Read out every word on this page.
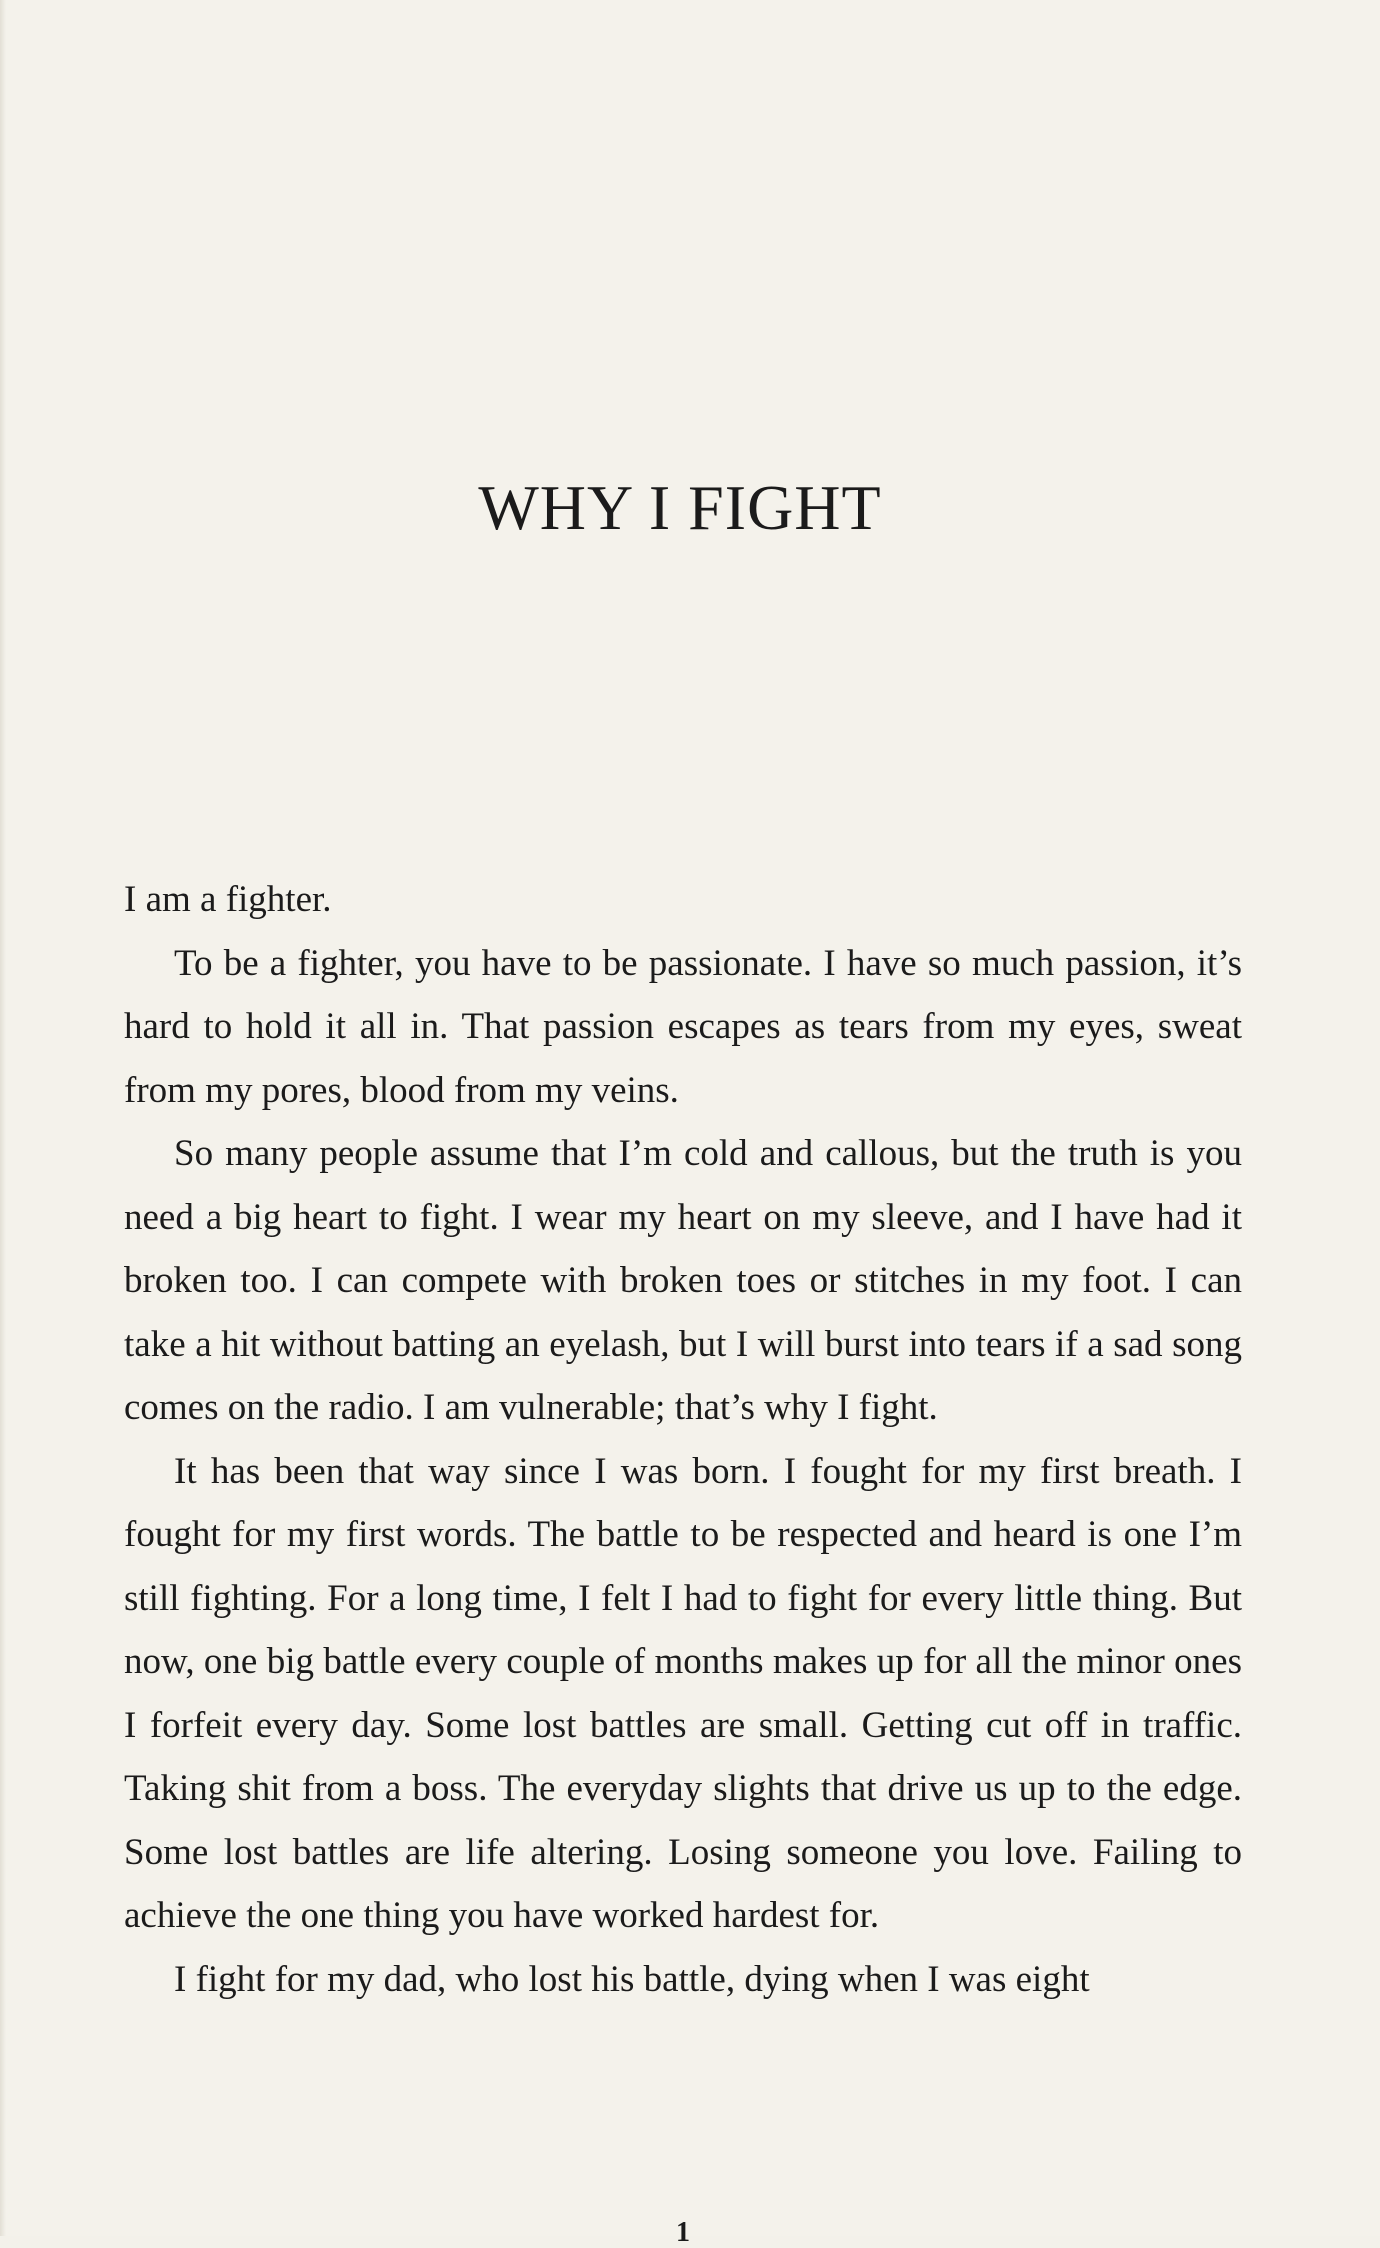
WHY I FIGHT

I am a fighter.

To be a fighter, you have to be passionate. I have so much passion, it’s hard to hold it all in. That passion escapes as tears from my eyes, sweat from my pores, blood from my veins.

So many people assume that I’m cold and callous, but the truth is you need a big heart to fight. I wear my heart on my sleeve, and I have had it broken too. I can compete with broken toes or stitches in my foot. I can take a hit without batting an eyelash, but I will burst into tears if a sad song comes on the radio. I am vulnerable; that’s why I fight.

It has been that way since I was born. I fought for my first breath. I fought for my first words. The battle to be respected and heard is one I’m still fighting. For a long time, I felt I had to fight for every little thing. But now, one big battle every couple of months makes up for all the minor ones I forfeit every day. Some lost battles are small. Getting cut off in traffic. Taking shit from a boss. The everyday slights that drive us up to the edge. Some lost battles are life altering. Losing someone you love. Failing to achieve the one thing you have worked hardest for.

I fight for my dad, who lost his battle, dying when I was eight

1
